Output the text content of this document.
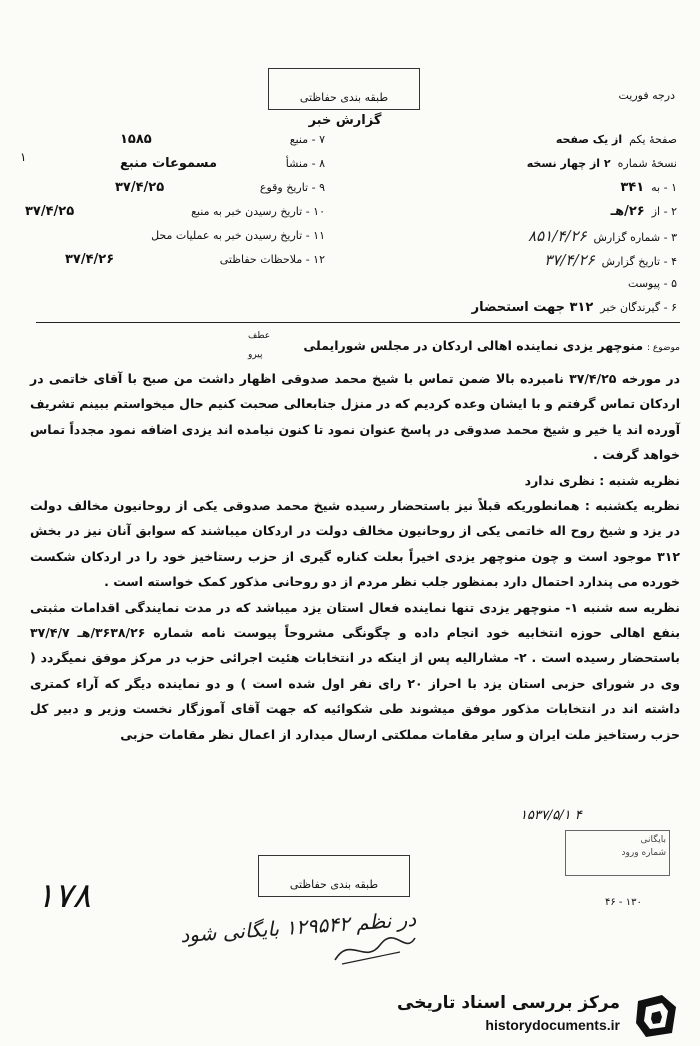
درجه فوریت
طبقه بندی حفاظتی
گزارش خبر
۷ - منبع
۱۵۸۵
۸ - منشأ
مسموعات منبع
۹ - تاریخ وقوع
۳۷/۴/۲۵
۱۰ - تاریخ رسیدن خبر به منبع
۳۷/۴/۲۵
۱۱ - تاریخ رسیدن خبر به عملیات محل
۱۲ - ملاحظات حفاظتی
۳۷/۴/۲۶
۱
صفحهٔ یکم  از یک صفحه
نسخهٔ شماره  ۲ از چهار نسخه
۱ - به  ۳۴۱
۲ - از  ۲۶/هـ
۳ - شماره گزارش  ۸۵۱/۴/۲۶
۴ - تاریخ گزارش  ۳۷/۴/۲۶
۵ - پیوست
۶ - گیرندگان خبر  ۳۱۲ جهت استحضار
موضوع : منوچهر یزدی نماینده اهالی اردکان در مجلس شورایملی
عطف
پیرو

در مورخه ۳۷/۴/۲۵ نامبرده بالا ضمن تماس با شیخ محمد صدوقی اظهار داشت من صبح با آقای خاتمی در اردکان تماس گرفتم و با ایشان وعده کردیم که در منزل جنابعالی صحبت کنیم حال میخواستم ببینم تشریف آورده اند یا خیر و شیخ محمد صدوقی در پاسخ عنوان نمود تا کنون نیامده اند یزدی اضافه نمود مجدداً تماس خواهد گرفت .

نظریه شنبه : نظری ندارد

نظریه یکشنبه : همانطوریکه قبلاً نیز باستحضار رسیده شیخ محمد صدوقی یکی از روحانیون مخالف دولت در یزد و شیخ روح اله خاتمی یکی از روحانیون مخالف دولت در اردکان میباشند که سوابق آنان نیز در بخش ۳۱۲ موجود است و چون منوچهر یزدی اخیراً بعلت کناره گیری از حزب رستاخیز خود را در اردکان شکست خورده می پندارد احتمال دارد بمنظور جلب نظر مردم از دو روحانی مذکور کمک خواسته است .

نظریه سه شنبه ۱- منوچهر یزدی تنها نماینده فعال استان یزد میباشد که در مدت نمایندگی اقدامات مثبتی بنفع اهالی حوزه انتخابیه خود انجام داده و چگونگی مشروحاً پیوست نامه شماره ۳۶۳۸/۲۶/هـ ۳۷/۴/۷ باستحضار رسیده است . ۲- مشارالیه پس از اینکه در انتخابات هئیت اجرائی حزب در مرکز موفق نمیگردد ( وی در شورای حزبی استان یزد با احراز ۲۰ رای نفر اول شده است ) و دو نماینده دیگر که آراء کمتری داشته اند در انتخابات مذکور موفق میشوند طی شکوائیه که جهت آقای آموزگار نخست وزیر و دبیر کل حزب رستاخیز ملت ایران و سایر مقامات مملکتی ارسال میدارد از اعمال نظر مقامات حزبی

۱۵۳۷/۵/۱ ۴
بایگانی
شماره ورود
طبقه بندی حفاظتی
۴۶ - ۱۳۰
۱۷۸
در نظم ۱۲۹۵۴۲ بایگانی شود
مرکز بررسی اسناد تاریخی
historydocuments.ir
